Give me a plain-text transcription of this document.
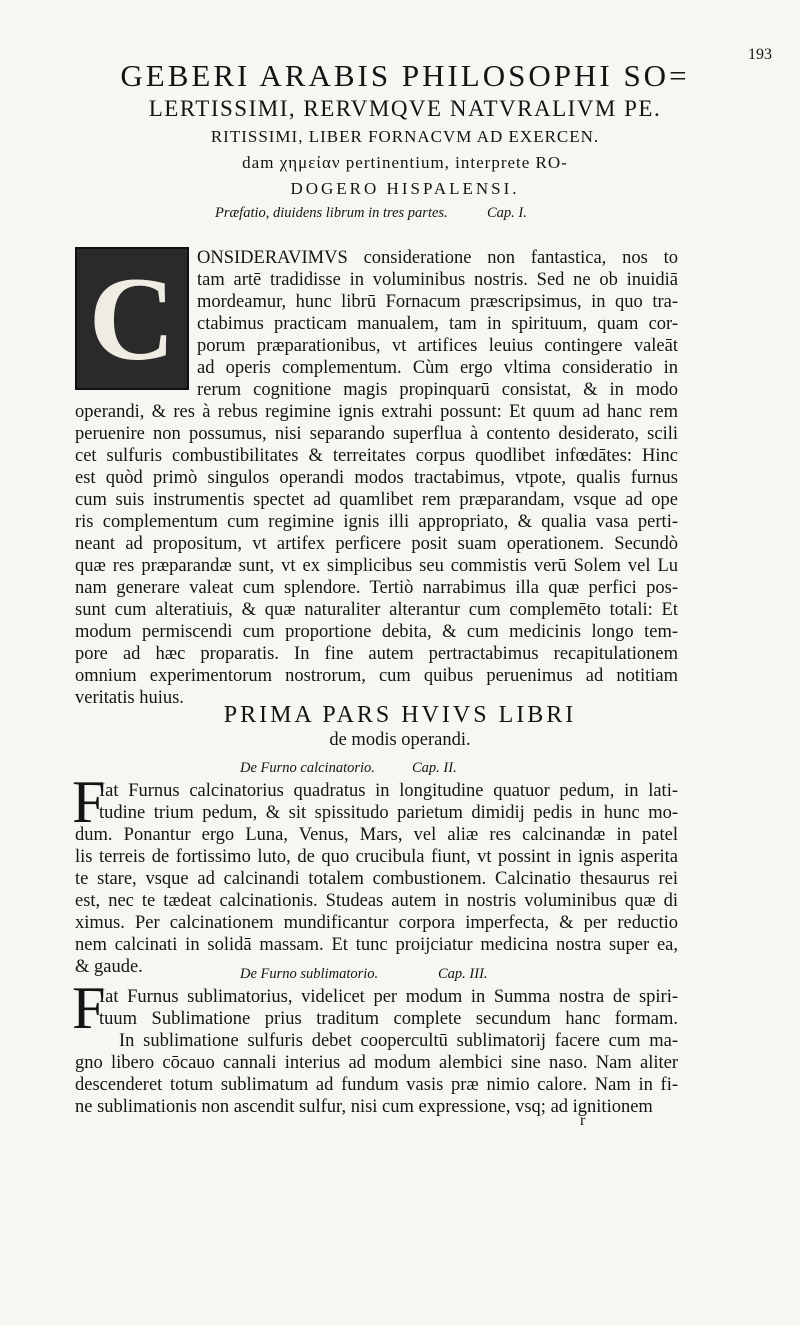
193
GEBERI ARABIS PHILOSOPHI SO=
LERTISSIMI, RERVMQVE NATVRALIVM PE.
RITISSIMI, LIBER FORNACVM AD EXERCEN.
dam χημείαν pertinentium, interprete RO-
DOGERO HISPALENSI.
Præfatio, diuidens librum in tres partes.	Cap. I.
C	ONSIDERAVIMVS consideratione non fantastica, nos to
tam artē tradidisse in voluminibus nostris. Sed ne ob inuidiā
mordeamur, hunc librū Fornacum præscripsimus, in quo tra-
ctabimus practicam manualem, tam in spirituum, quam cor-
porum præparationibus, vt artifices leuius contingere valeāt
ad operis complementum. Cùm ergo vltima consideratio in
rerum cognitione magis propinquarū consistat, & in modo
operandi, & res à rebus regimine ignis extrahi possunt: Et quum ad hanc rem
peruenire non possumus, nisi separando superflua à contento desiderato, scili
cet sulfuris combustibilitates & terreitates corpus quodlibet infœdātes: Hinc
est quòd primò singulos operandi modos tractabimus, vtpote, qualis furnus
cum suis instrumentis spectet ad quamlibet rem præparandam, vsque ad ope
ris complementum cum regimine ignis illi appropriato, & qualia vasa perti-
neant ad propositum, vt artifex perficere posit suam operationem. Secundò
quæ res præparandæ sunt, vt ex simplicibus seu commistis verū Solem vel Lu
nam generare valeat cum splendore. Tertiò narrabimus illa quæ perfici pos-
sunt cum alteratiuis, & quæ naturaliter alterantur cum complemēto totali: Et
modum permiscendi cum proportione debita, & cum medicinis longo tem-
pore ad hæc proparatis. In fine autem pertractabimus recapitulationem
omnium experimentorum nostrorum, cum quibus peruenimus ad notitiam
veritatis huius.
PRIMA PARS HVIVS LIBRI
de modis operandi.
De Furno calcinatorio.	Cap. II.
F
Iat Furnus calcinatorius quadratus in longitudine quatuor pedum, in lati-
tudine trium pedum, & sit spissitudo parietum dimidij pedis in hunc mo-
dum. Ponantur ergo Luna, Venus, Mars, vel aliæ res calcinandæ in patel
lis terreis de fortissimo luto, de quo crucibula fiunt, vt possint in ignis asperita
te stare, vsque ad calcinandi totalem combustionem. Calcinatio thesaurus rei
est, nec te tædeat calcinationis. Studeas autem in nostris voluminibus quæ di
ximus. Per calcinationem mundificantur corpora imperfecta, & per reductio
nem calcinati in solidā massam. Et tunc proijciatur medicina nostra super ea,
& gaude.	De Furno sublimatorio.	Cap. III.
F
Iat Furnus sublimatorius, videlicet per modum in Summa nostra de spiri-
tuum Sublimatione prius traditum complete secundum hanc formam.
In sublimatione sulfuris debet coopercultū sublimatorij facere cum ma-
gno libero cōcauo cannali interius ad modum alembici sine naso. Nam aliter
descenderet totum sublimatum ad fundum vasis præ nimio calore. Nam in fi-
ne sublimationis non ascendit sulfur, nisi cum expressione, vsq; ad ignitionem
r
